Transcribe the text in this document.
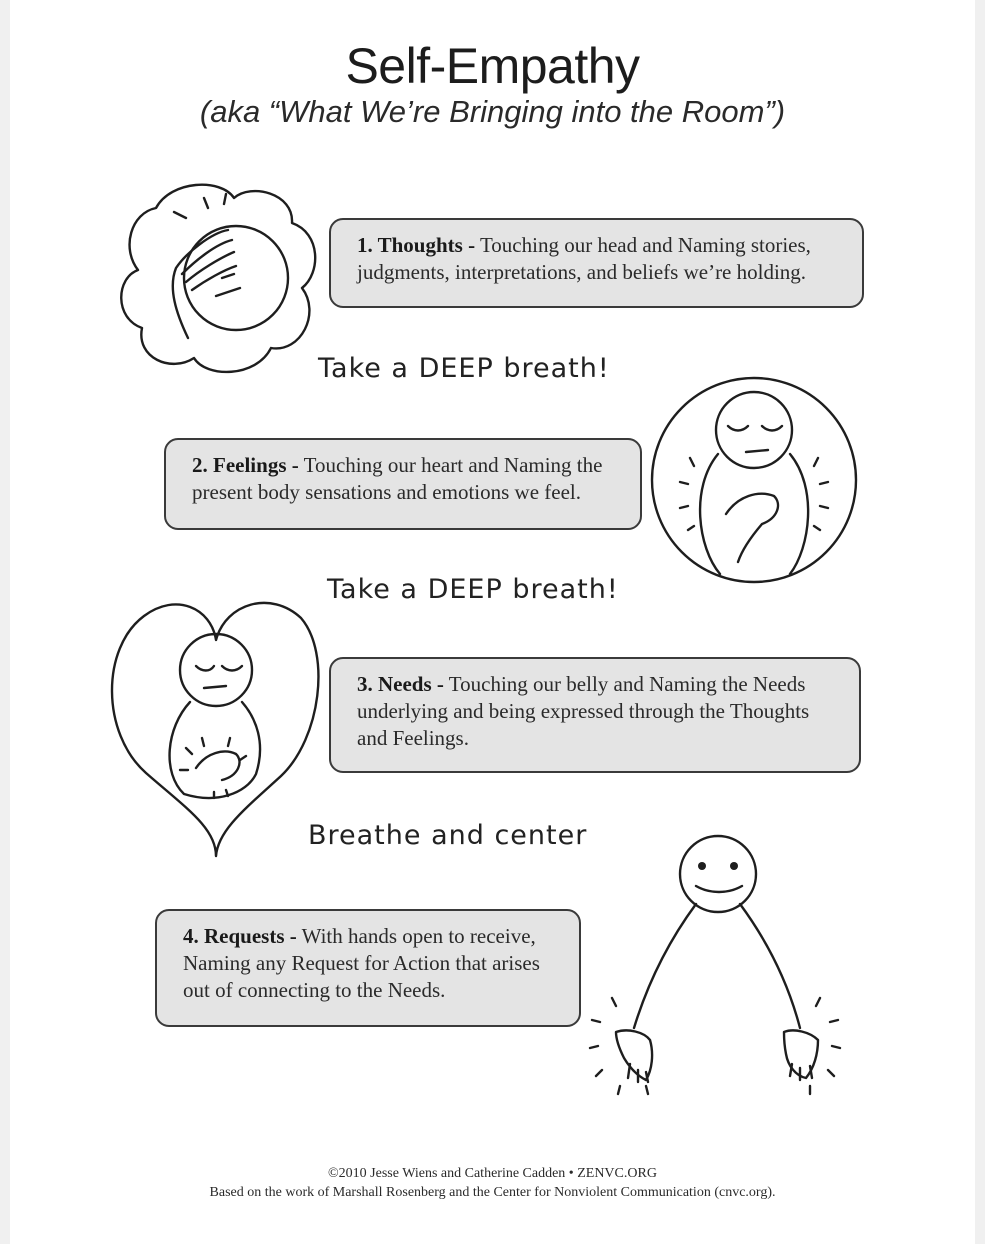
Self-Empathy
(aka “What We’re Bringing into the Room”)
1. Thoughts - Touching our head and Naming stories, judgments, interpretations, and beliefs we’re holding.
Take a DEEP breath!
2. Feelings - Touching our heart and Naming the present body sensations and emotions we feel.
Take a DEEP breath!
3. Needs - Touching our belly and Naming the Needs underlying and being expressed through the Thoughts and Feelings.
Breathe and center
4. Requests - With hands open to receive, Naming any Request for Action that arises out of connecting to the Needs.
©2010 Jesse Wiens and Catherine Cadden • ZENVC.ORG
Based on the work of Marshall Rosenberg and the Center for Nonviolent Communication (cnvc.org).
